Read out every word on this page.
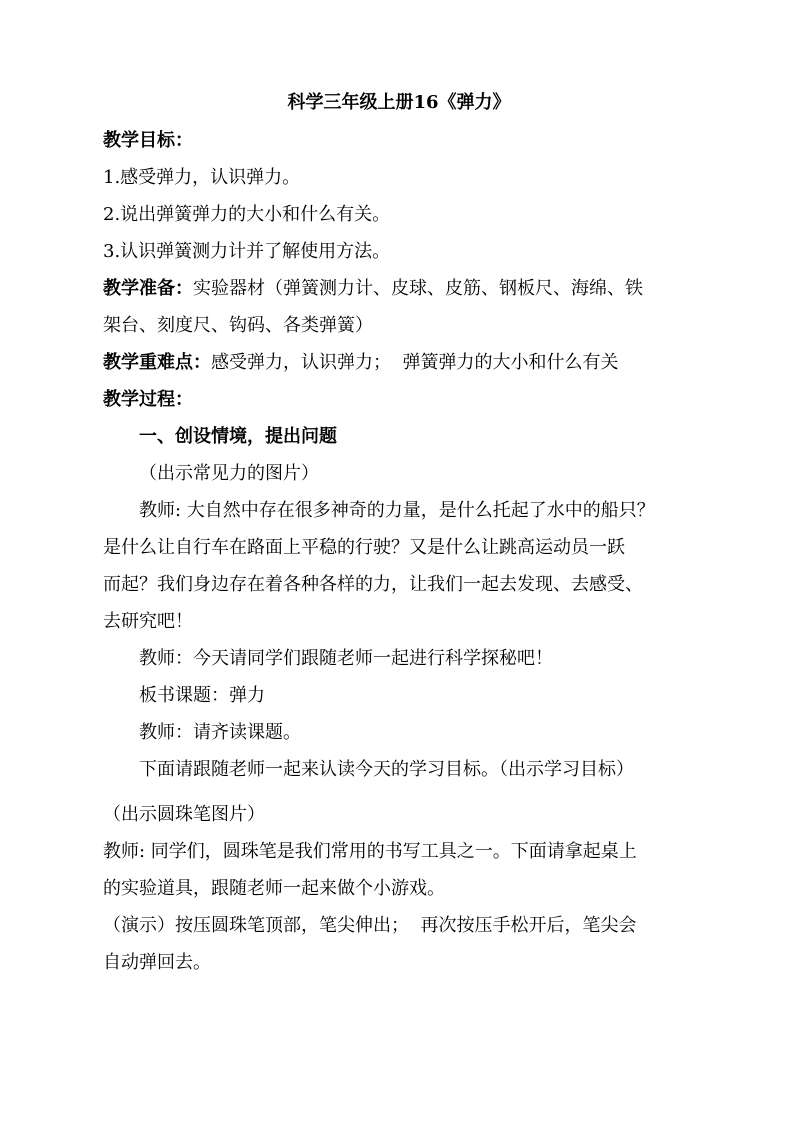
科学三年级上册16《弹力》

教学目标：

1.感受弹力，认识弹力。

2.说出弹簧弹力的大小和什么有关。

3.认识弹簧测力计并了解使用方法。

教学准备：实验器材（弹簧测力计、皮球、皮筋、钢板尺、海绵、铁

架台、刻度尺、钩码、各类弹簧）

教学重难点：感受弹力，认识弹力；  弹簧弹力的大小和什么有关

教学过程：

一、创设情境，提出问题

（出示常见力的图片）

教师: 大自然中存在很多神奇的力量，是什么托起了水中的船只？

是什么让自行车在路面上平稳的行驶？又是什么让跳高运动员一跃

而起？我们身边存在着各种各样的力，让我们一起去发现、去感受、

去研究吧！

教师：今天请同学们跟随老师一起进行科学探秘吧！

板书课题：弹力

教师：请齐读课题。

下面请跟随老师一起来认读今天的学习目标。（出示学习目标）

（出示圆珠笔图片）

教师: 同学们，圆珠笔是我们常用的书写工具之一。下面请拿起桌上

的实验道具，跟随老师一起来做个小游戏。

（演示）按压圆珠笔顶部，笔尖伸出；  再次按压手松开后，笔尖会

自动弹回去。
